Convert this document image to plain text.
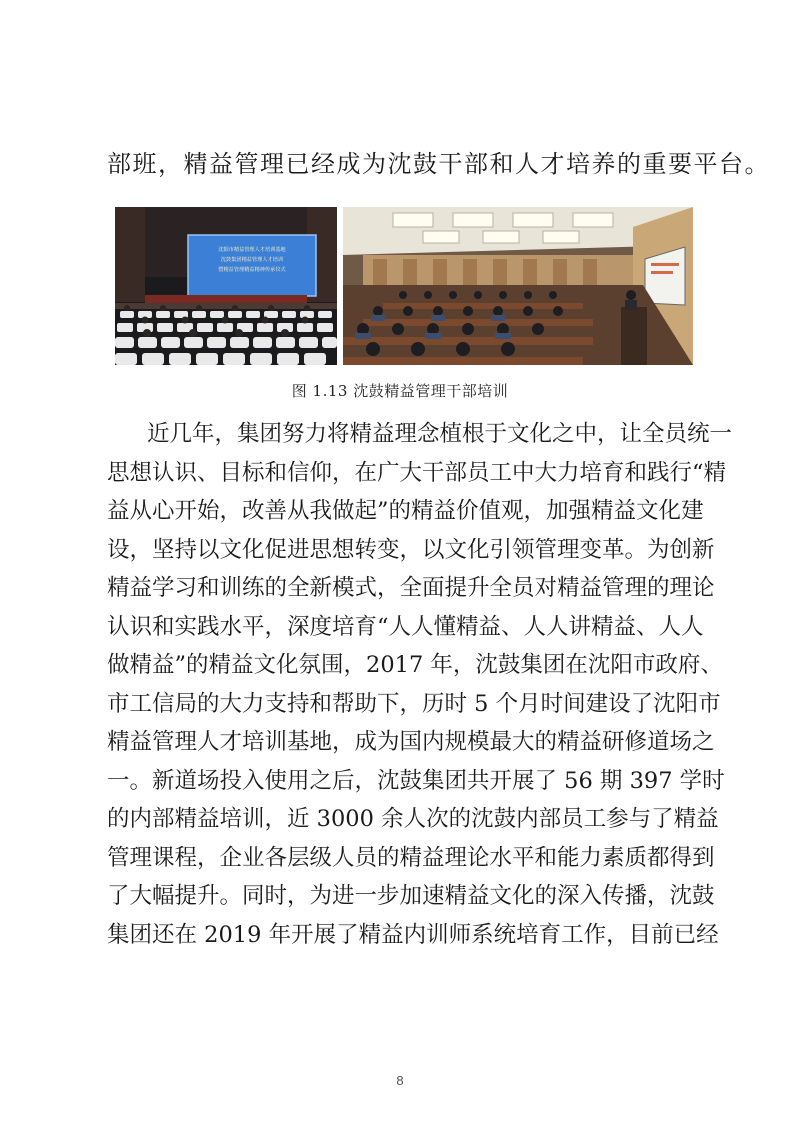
部班，精益管理已经成为沈鼓干部和人才培养的重要平台。
沈阳市精益管理人才培训基地
沈鼓集团精益管理人才培训
暨精益管理精益精神传承仪式
图 1.13 沈鼓精益管理干部培训
近几年，集团努力将精益理念植根于文化之中，让全员统一
思想认识、目标和信仰，在广大干部员工中大力培育和践行“精
益从心开始，改善从我做起”的精益价值观，加强精益文化建
设，坚持以文化促进思想转变，以文化引领管理变革。为创新
精益学习和训练的全新模式，全面提升全员对精益管理的理论
认识和实践水平，深度培育“人人懂精益、人人讲精益、人人
做精益”的精益文化氛围，2017 年，沈鼓集团在沈阳市政府、
市工信局的大力支持和帮助下，历时 5 个月时间建设了沈阳市
精益管理人才培训基地，成为国内规模最大的精益研修道场之
一。新道场投入使用之后，沈鼓集团共开展了 56 期 397 学时
的内部精益培训，近 3000 余人次的沈鼓内部员工参与了精益
管理课程，企业各层级人员的精益理论水平和能力素质都得到
了大幅提升。同时，为进一步加速精益文化的深入传播，沈鼓
集团还在 2019 年开展了精益内训师系统培育工作，目前已经
8
